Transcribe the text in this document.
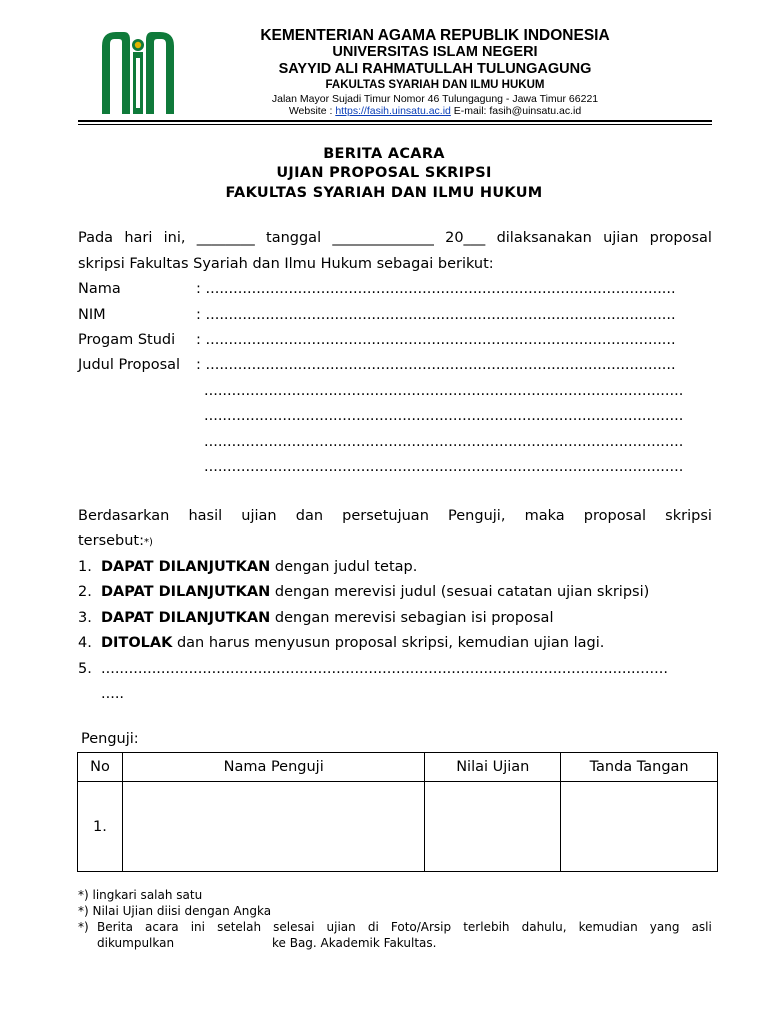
KEMENTERIAN AGAMA REPUBLIK INDONESIA
UNIVERSITAS ISLAM NEGERI
SAYYID ALI RAHMATULLAH TULUNGAGUNG
FAKULTAS SYARIAH DAN ILMU HUKUM
Jalan Mayor Sujadi Timur Nomor 46 Tulungagung - Jawa Timur 66221
Website : https://fasih.uinsatu.ac.id E-mail: fasih@uinsatu.ac.id
BERITA ACARA
UJIAN PROPOSAL SKRIPSI
FAKULTAS SYARIAH DAN ILMU HUKUM
Pada hari ini, ________ tanggal ______________ 20___ dilaksanakan ujian proposal
skripsi Fakultas Syariah dan Ilmu Hukum sebagai berikut:
Nama	: ......................................................................................................
NIM	: ......................................................................................................
Progam Studi : ......................................................................................................
Judul Proposal : ......................................................................................................
........................................................................................................
........................................................................................................
........................................................................................................
........................................................................................................
Berdasarkan hasil ujian dan persetujuan Penguji, maka proposal skripsi
tersebut:*)
1. DAPAT DILANJUTKAN dengan judul tetap.
2. DAPAT DILANJUTKAN dengan merevisi judul (sesuai catatan ujian skripsi)
3. DAPAT DILANJUTKAN dengan merevisi sebagian isi proposal
4. DITOLAK dan harus menyusun proposal skripsi, kemudian ujian lagi.
5. ...........................................................................................................................
.....
Penguji:
No	Nama Penguji	Nilai Ujian	Tanda Tangan
1.			
*) lingkari salah satu
*) Nilai Ujian diisi dengan Angka
*) Berita acara ini setelah selesai ujian di Foto/Arsip terlebih dahulu, kemudian yang asli
dikumpulkan	ke Bag. Akademik Fakultas.
